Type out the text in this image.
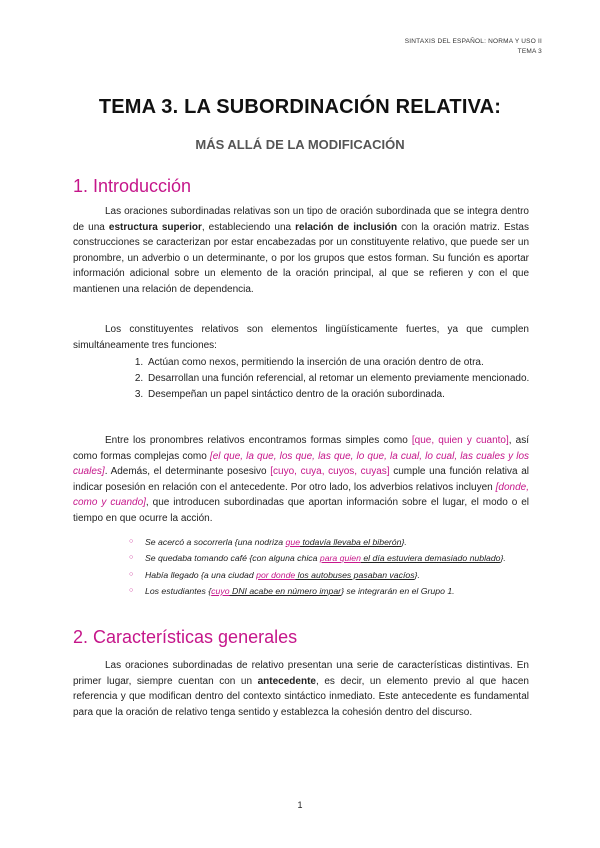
SINTAXIS DEL ESPAÑOL: NORMA Y USO II
TEMA 3
TEMA 3. LA SUBORDINACIÓN RELATIVA:
MÁS ALLÁ DE LA MODIFICACIÓN
1. Introducción

Las oraciones subordinadas relativas son un tipo de oración subordinada que se integra dentro de una estructura superior, estableciendo una relación de inclusión con la oración matriz. Estas construcciones se caracterizan por estar encabezadas por un constituyente relativo, que puede ser un pronombre, un adverbio o un determinante, o por los grupos que estos forman. Su función es aportar información adicional sobre un elemento de la oración principal, al que se refieren y con el que mantienen una relación de dependencia.

Los constituyentes relativos son elementos lingüísticamente fuertes, ya que cumplen simultáneamente tres funciones:

1. Actúan como nexos, permitiendo la inserción de una oración dentro de otra.
2. Desarrollan una función referencial, al retomar un elemento previamente mencionado.
3. Desempeñan un papel sintáctico dentro de la oración subordinada.

Entre los pronombres relativos encontramos formas simples como [que, quien y cuanto], así como formas complejas como [el que, la que, los que, las que, lo que, la cual, lo cual, las cuales y los cuales]. Además, el determinante posesivo [cuyo, cuya, cuyos, cuyas] cumple una función relativa al indicar posesión en relación con el antecedente. Por otro lado, los adverbios relativos incluyen [donde, como y cuando], que introducen subordinadas que aportan información sobre el lugar, el modo o el tiempo en que ocurre la acción.

○ Se acercó a socorrerla {una nodriza que todavía llevaba el biberón}.
○ Se quedaba tomando café {con alguna chica para quien el día estuviera demasiado nublado}.
○ Había llegado {a una ciudad por donde los autobuses pasaban vacíos}.
○ Los estudiantes {cuyo DNI acabe en número impar} se integrarán en el Grupo 1.
2. Características generales

Las oraciones subordinadas de relativo presentan una serie de características distintivas. En primer lugar, siempre cuentan con un antecedente, es decir, un elemento previo al que hacen referencia y que modifican dentro del contexto sintáctico inmediato. Este antecedente es fundamental para que la oración de relativo tenga sentido y establezca la cohesión dentro del discurso.

1
